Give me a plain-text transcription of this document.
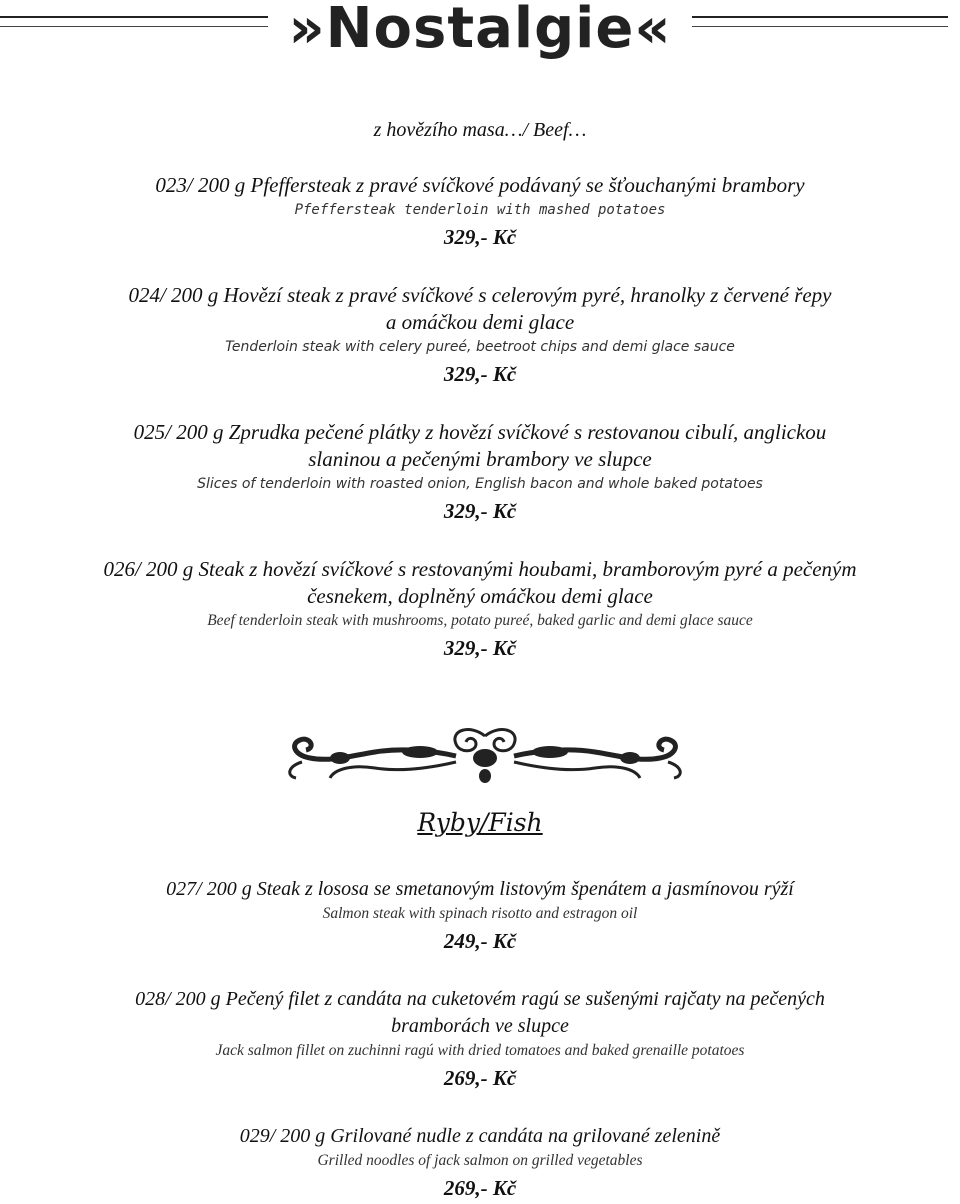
»Nostalgie«
z hovězího masa…/ Beef…
023/ 200 g Pfeffersteak z pravé svíčkové podávaný se šťouchanými brambory
Pfeffersteak tenderloin with mashed potatoes
329,- Kč
024/ 200 g Hovězí steak z pravé svíčkové s celerovým pyré, hranolky z červené řepy
a omáčkou demi glace
Tenderloin steak with celery pureé, beetroot chips and demi glace sauce
329,- Kč
025/ 200 g Zprudka pečené plátky z hovězí svíčkové s restovanou cibulí, anglickou
slaninou a pečenými brambory ve slupce
Slices of tenderloin with roasted onion, English bacon and whole baked potatoes
329,- Kč
026/ 200 g Steak z hovězí svíčkové s restovanými houbami, bramborovým pyré a pečeným
česnekem, doplněný omáčkou demi glace
Beef tenderloin steak with mushrooms, potato pureé, baked garlic and demi glace sauce
329,- Kč
Ryby/Fish
027/ 200 g Steak z lososa se smetanovým listovým špenátem a jasmínovou rýží
Salmon steak with spinach risotto and estragon oil
249,- Kč
028/ 200 g Pečený filet z candáta na cuketovém ragú se sušenými rajčaty na pečených
bramborách ve slupce
Jack salmon fillet on zuchinni ragú with dried tomatoes and baked grenaille potatoes
269,- Kč
029/ 200 g Grilované nudle z candáta na grilované zelenině
Grilled noodles of jack salmon on grilled vegetables
269,- Kč
